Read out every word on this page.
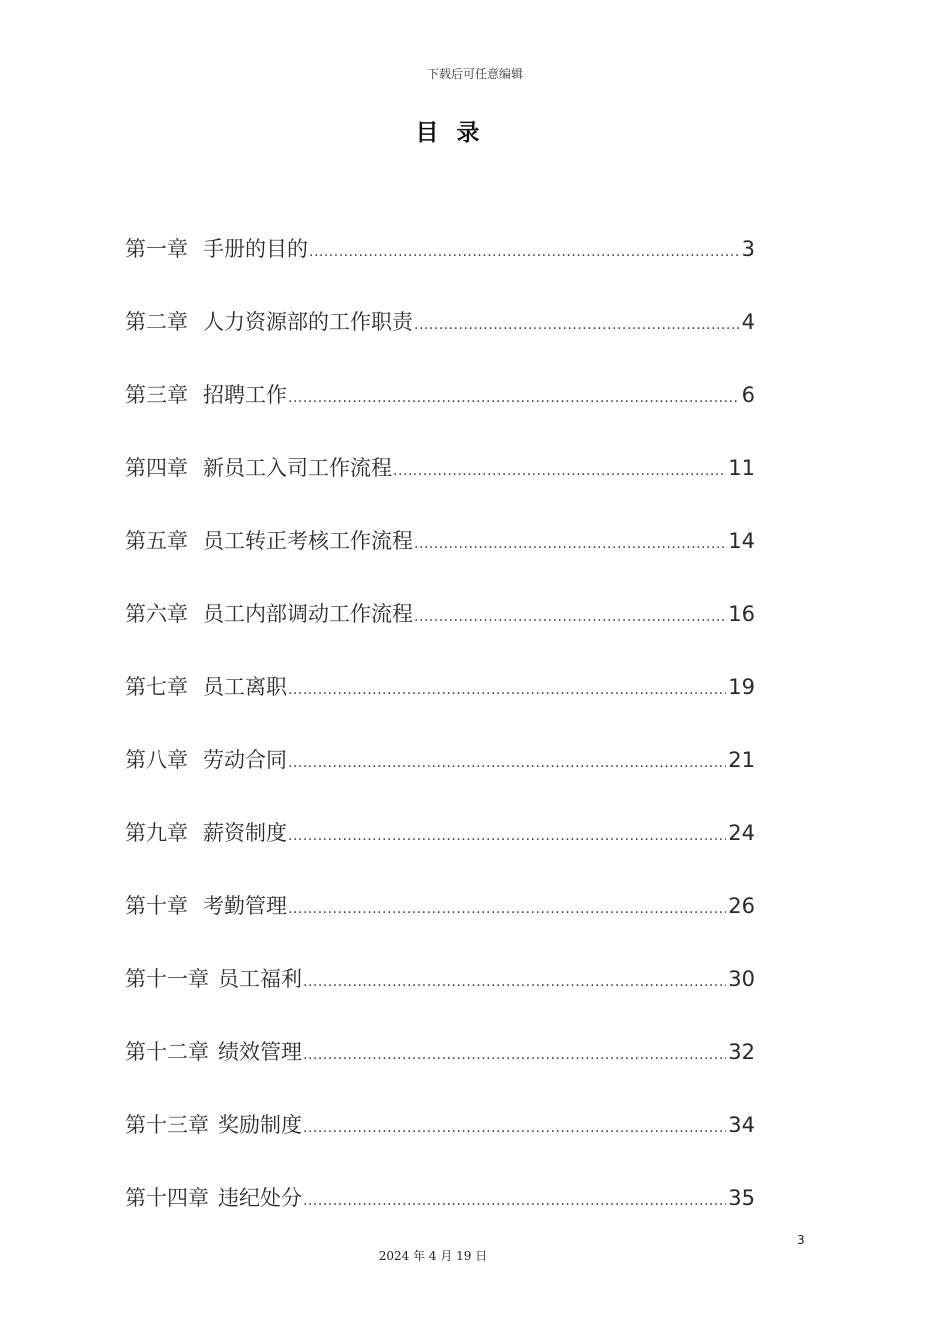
下载后可任意编辑
目 录
第一章 手册的目的 .....	3
第二章 人力资源部的工作职责 .....	4
第三章 招聘工作 .....	6
第四章 新员工入司工作流程 .....	11
第五章 员工转正考核工作流程 .....	14
第六章 员工内部调动工作流程 .....	16
第七章 员工离职 .....	19
第八章 劳动合同 .....	21
第九章 薪资制度 .....	24
第十章 考勤管理 .....	26
第十一章 员工福利 .....	30
第十二章 绩效管理 .....	32
第十三章 奖励制度 .....	34
第十四章 违纪处分 .....	35
3
2024 年 4 月 19 日
